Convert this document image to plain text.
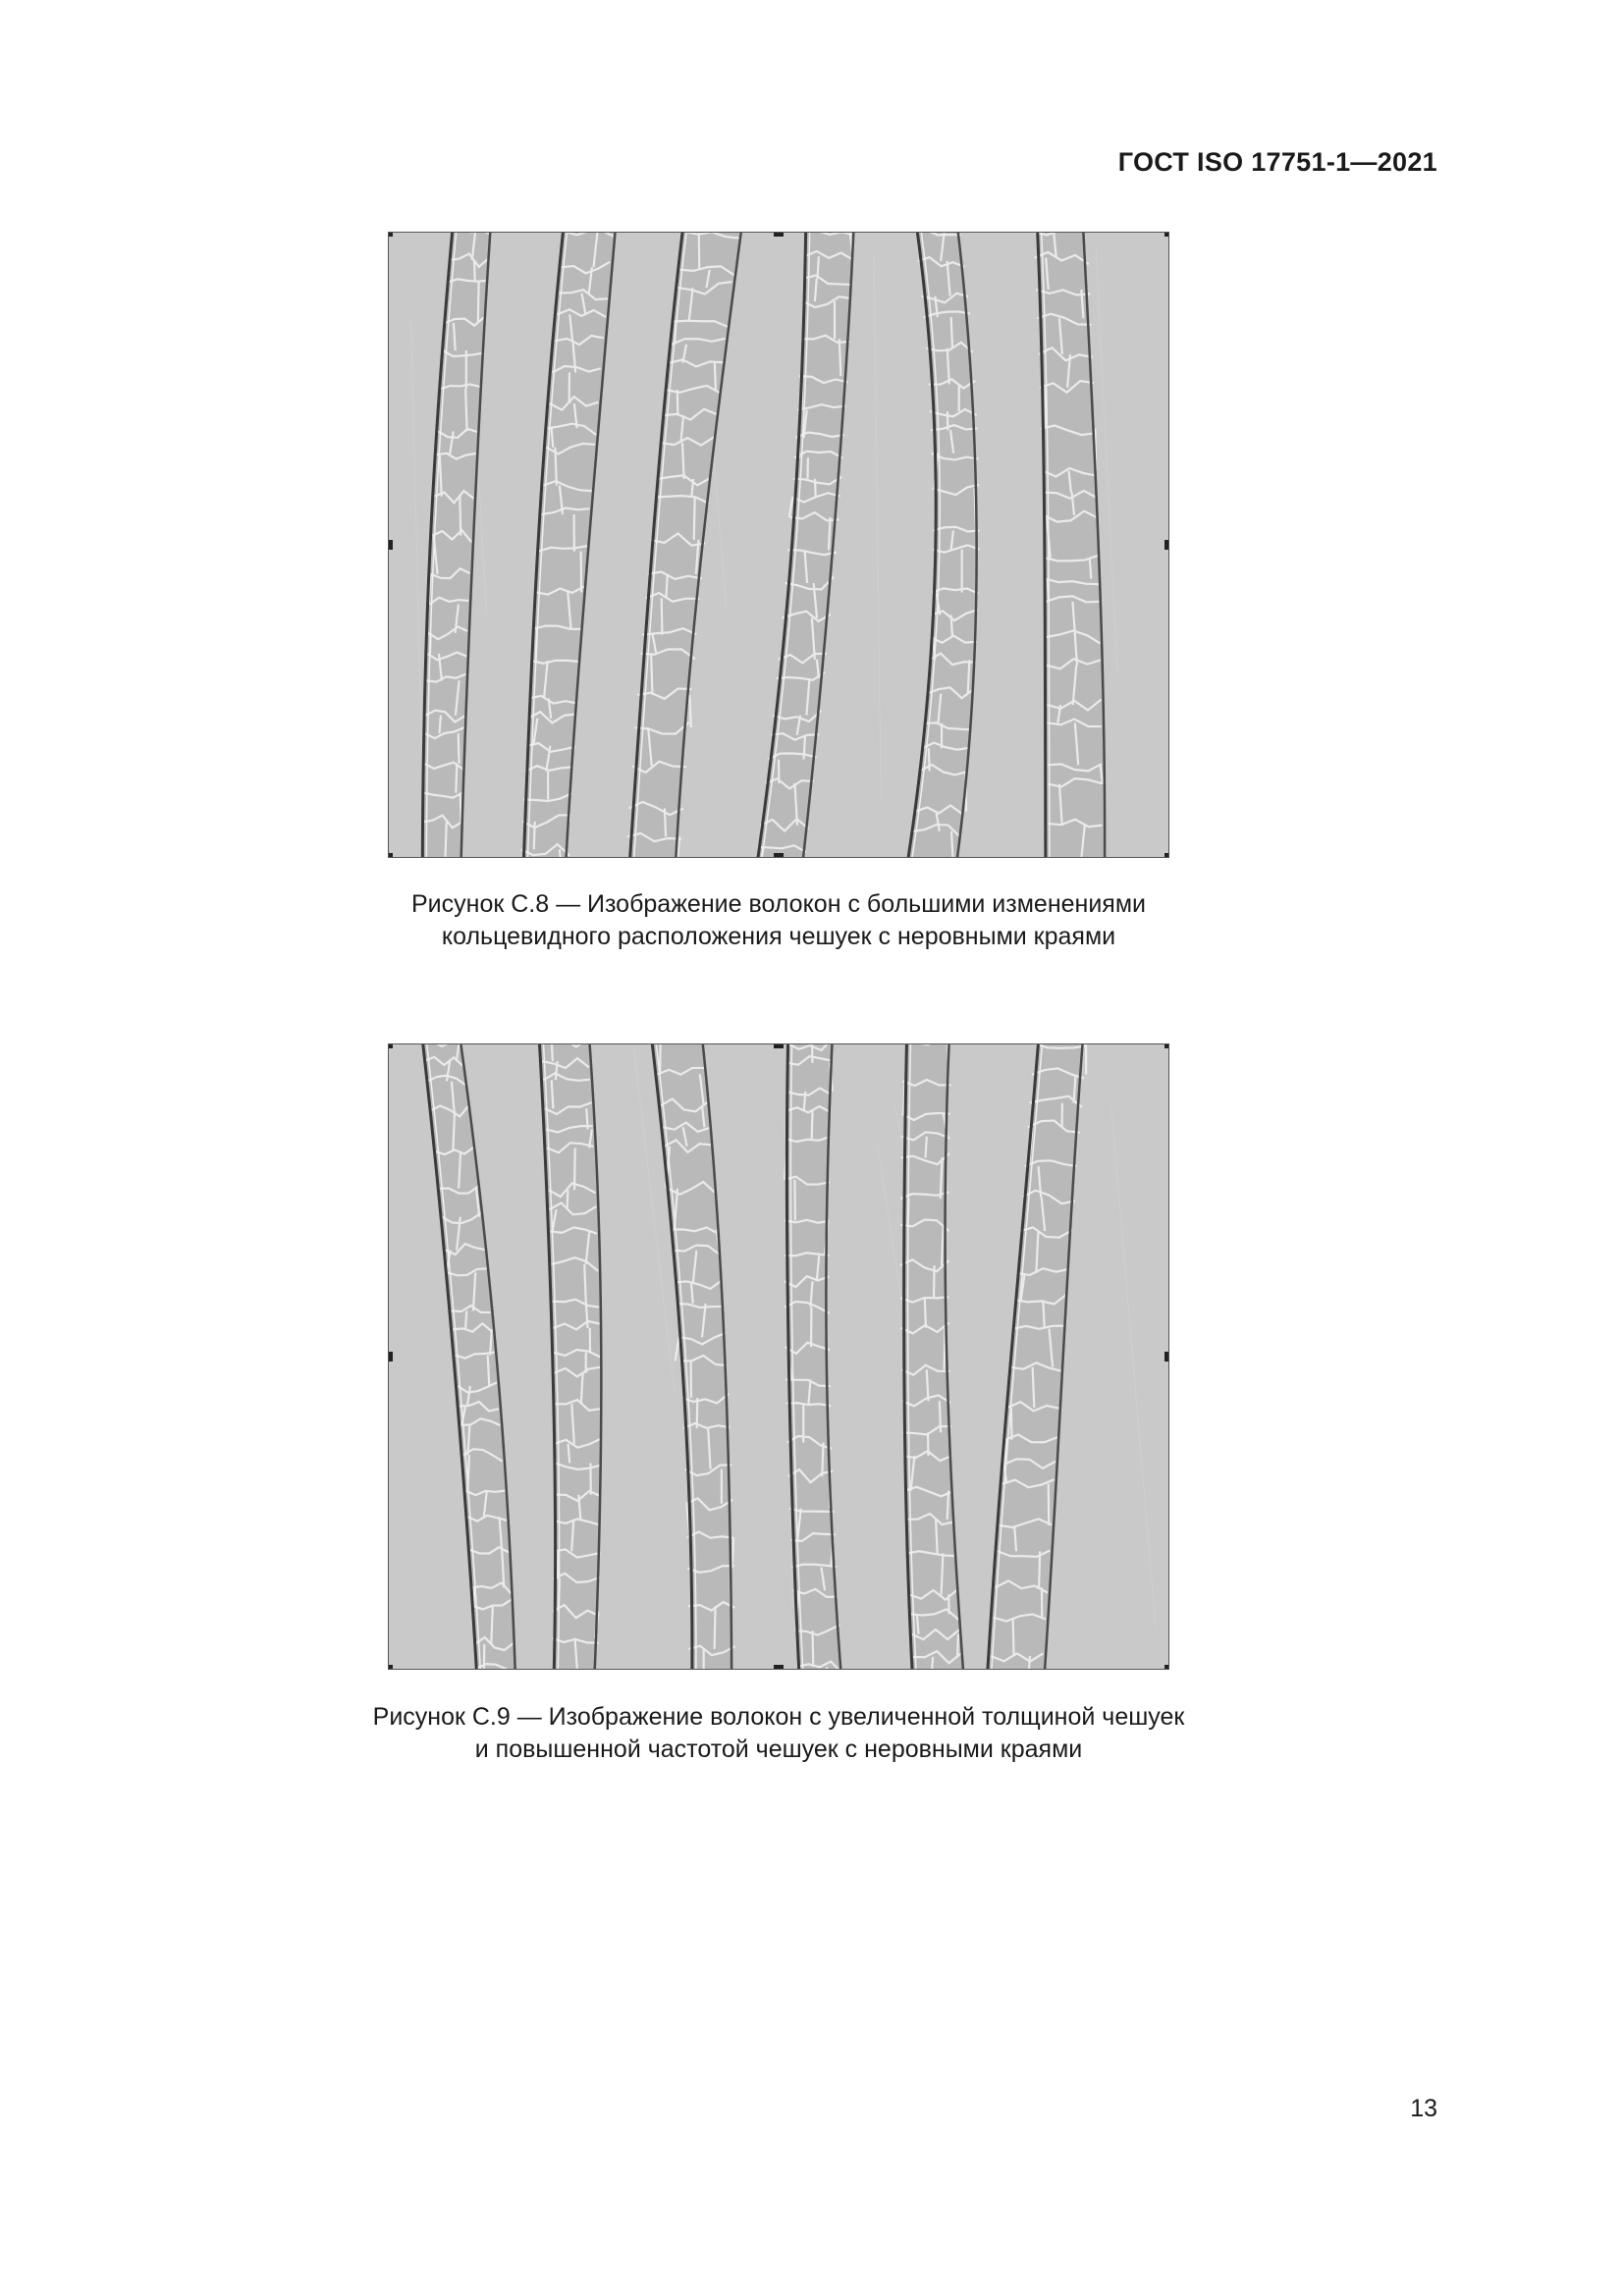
ГОСТ ISO 17751-1—2021
Рисунок С.8 — Изображение волокон с большими изменениями
кольцевидного расположения чешуек с неровными краями
Рисунок С.9 — Изображение волокон с увеличенной толщиной чешуек
и повышенной частотой чешуек с неровными краями
13
